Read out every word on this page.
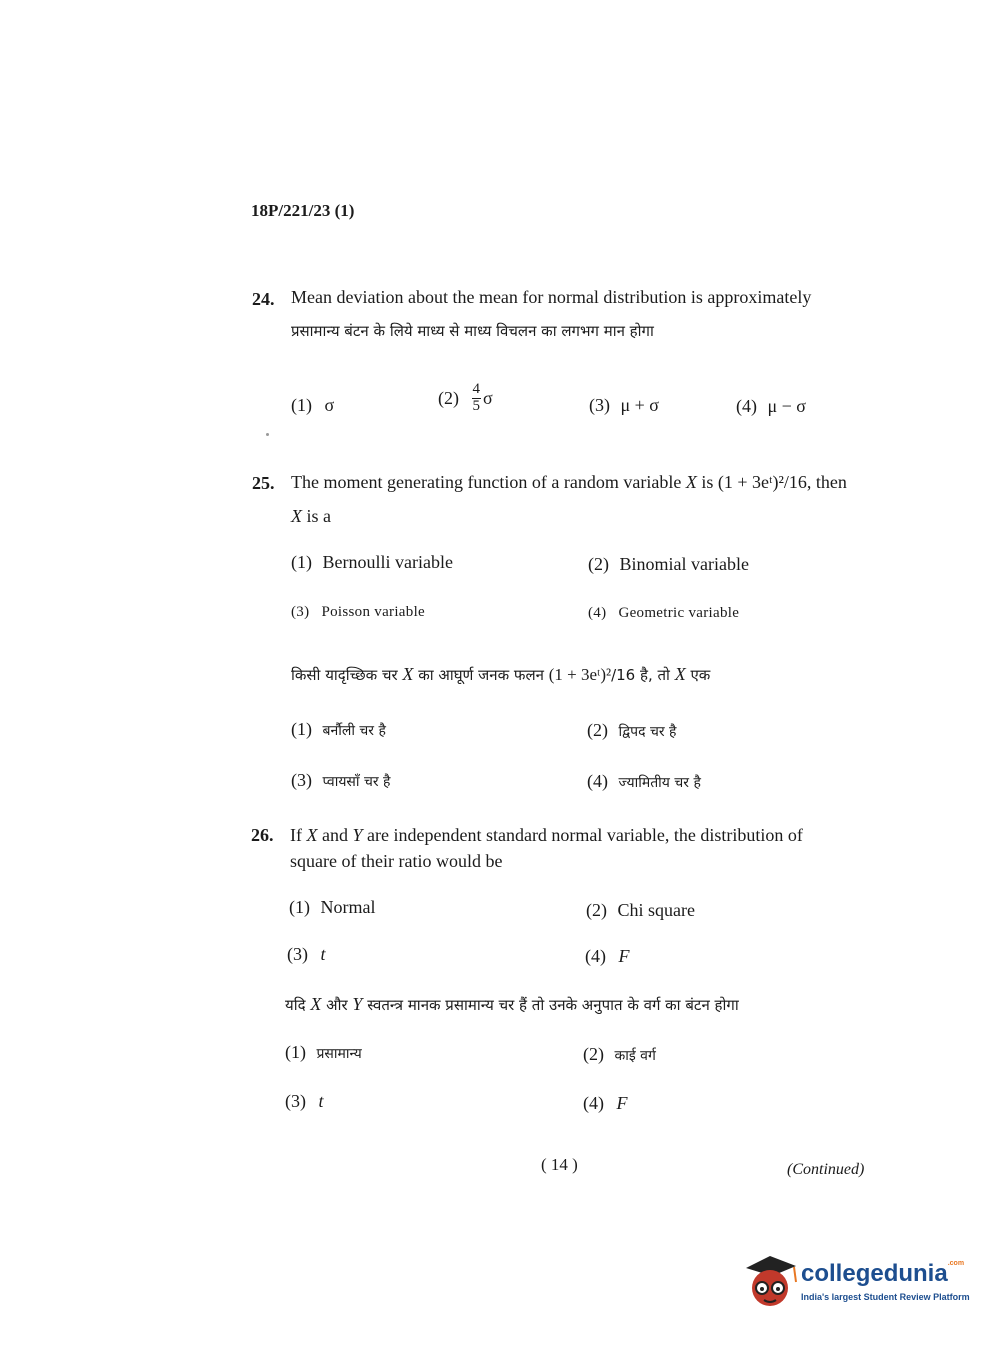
18P/221/23 (1)
24. Mean deviation about the mean for normal distribution is approximately
प्रसामान्य बंटन के लिये माध्य से माध्य विचलन का लगभग मान होगा
(1) σ	$(2) \frac{4}{5}$ σ	(3) μ + σ	(4) μ − σ
25. The moment generating function of a random variable X is (1 + 3eᵗ)²/16, then
X is a
(1) Bernoulli variable	(2) Binomial variable
(3) Poisson variable	(4) Geometric variable
किसी यादृच्छिक चर X का आघूर्ण जनक फलन (1 + 3eᵗ)²/16 है, तो X एक
(1) बर्नौली चर है	(2) द्विपद चर है
(3) प्वायसाँ चर है	(4) ज्यामितीय चर है
26. If X and Y are independent standard normal variable, the distribution of
square of their ratio would be
(1) Normal	(2) Chi square
(3) t	(4) F
यदि X और Y स्वतन्त्र मानक प्रसामान्य चर हैं तो उनके अनुपात के वर्ग का बंटन होगा
(1) प्रसामान्य	(2) काई वर्ग
(3) t	(4) F
( 14 )	(Continued)
collegedunia$^{.com}$
India's largest Student Review Platform
